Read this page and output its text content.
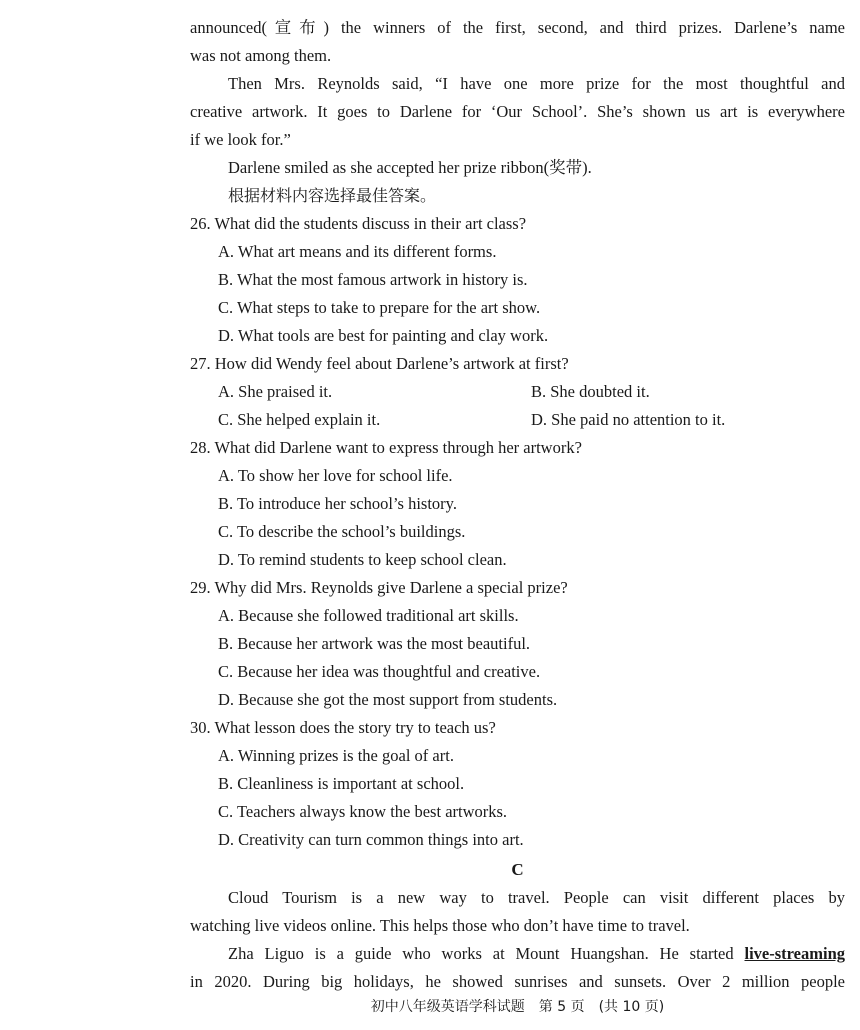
announced(宣布) the winners of the first, second, and third prizes. Darlene’s name
was not among them.
Then Mrs. Reynolds said, “I have one more prize for the most thoughtful and
creative artwork. It goes to Darlene for ‘Our School’. She’s shown us art is everywhere
if we look for.”
Darlene smiled as she accepted her prize ribbon(奖带).
根据材料内容选择最佳答案。
26. What did the students discuss in their art class?
A. What art means and its different forms.
B. What the most famous artwork in history is.
C. What steps to take to prepare for the art show.
D. What tools are best for painting and clay work.
27. How did Wendy feel about Darlene’s artwork at first?
A. She praised it.	B. She doubted it.
C. She helped explain it.	D. She paid no attention to it.
28. What did Darlene want to express through her artwork?
A. To show her love for school life.
B. To introduce her school’s history.
C. To describe the school’s buildings.
D. To remind students to keep school clean.
29. Why did Mrs. Reynolds give Darlene a special prize?
A. Because she followed traditional art skills.
B. Because her artwork was the most beautiful.
C. Because her idea was thoughtful and creative.
D. Because she got the most support from students.
30. What lesson does the story try to teach us?
A. Winning prizes is the goal of art.
B. Cleanliness is important at school.
C. Teachers always know the best artworks.
D. Creativity can turn common things into art.
C
Cloud Tourism is a new way to travel. People can visit different places by
watching live videos online. This helps those who don’t have time to travel.
Zha Liguo is a guide who works at Mount Huangshan. He started live-streaming
in 2020. During big holidays, he showed sunrises and sunsets. Over 2 million people
初中八年级英语学科试题　第 5 页　(共 10 页)
